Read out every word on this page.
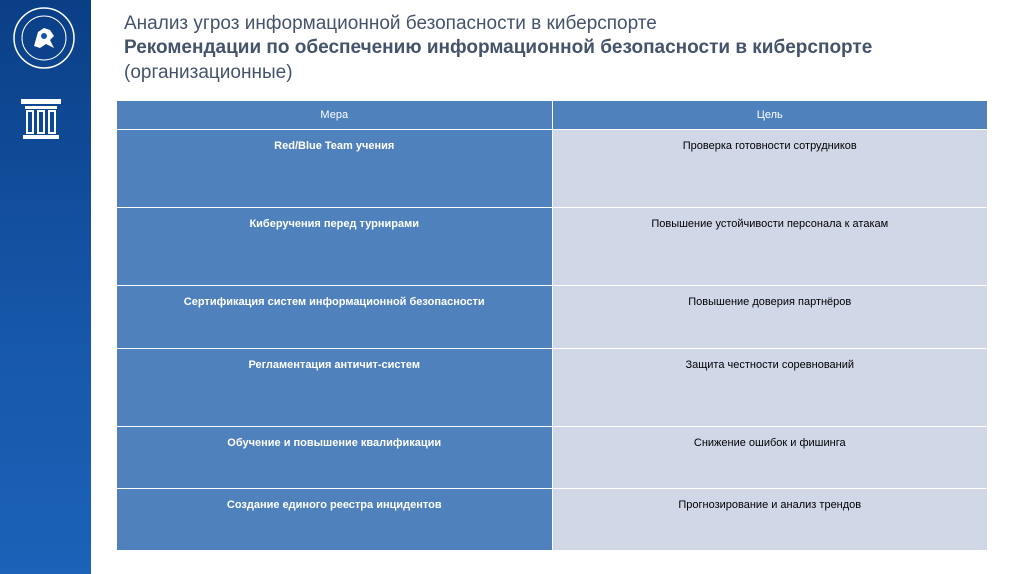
Анализ угроз информационной безопасности в киберспорте

Рекомендации по обеспечению информационной безопасности в киберспорте

(организационные)

Мера	Цель
Red/Blue Team учения	Проверка готовности сотрудников
Киберучения перед турнирами	Повышение устойчивости персонала к атакам
Сертификация систем информационной безопасности	Повышение доверия партнёров
Регламентация античит-систем	Защита честности соревнований
Обучение и повышение квалификации	Снижение ошибок и фишинга
Создание единого реестра инцидентов	Прогнозирование и анализ трендов
